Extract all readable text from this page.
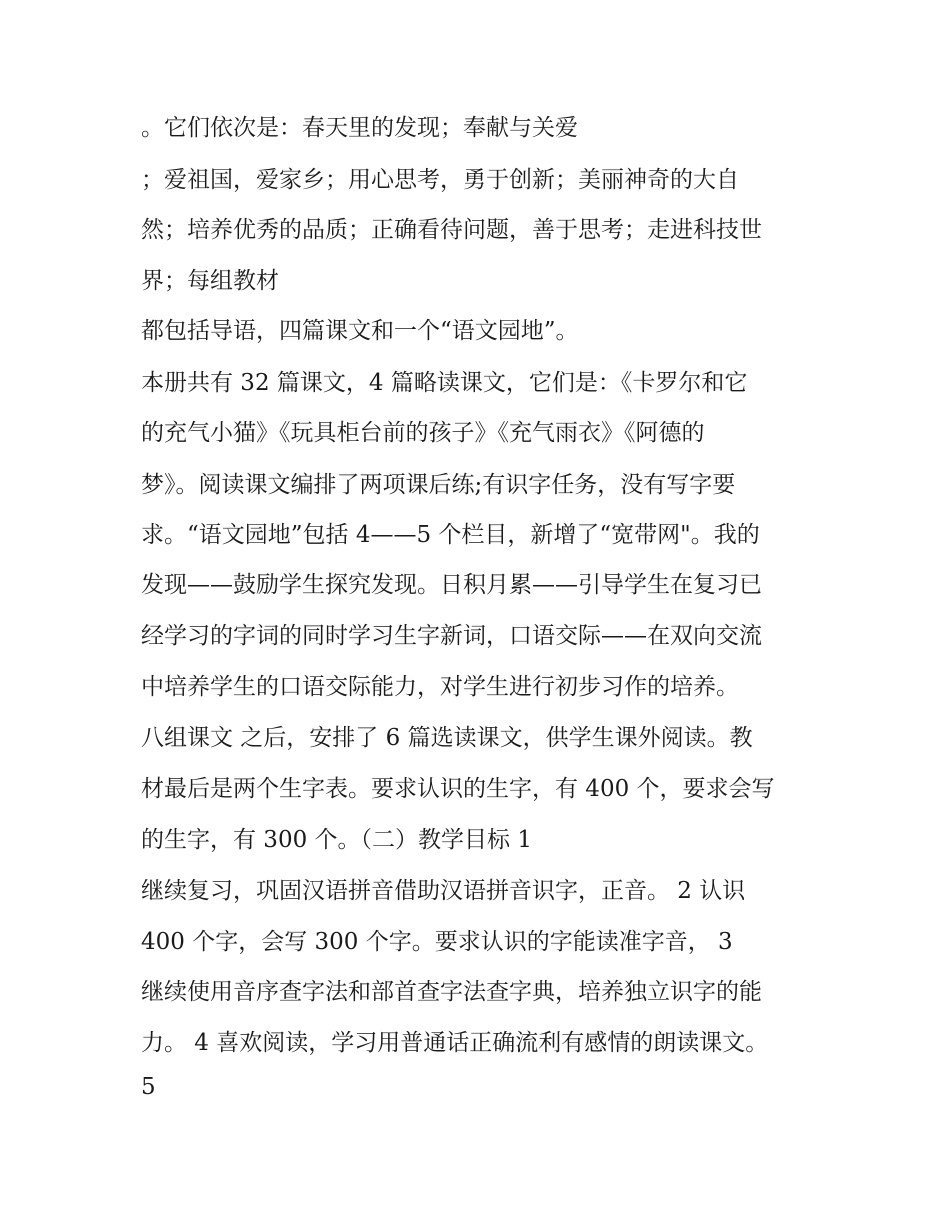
。它们依次是：春天里的发现；奉献与关爱
；爱祖国，爱家乡；用心思考，勇于创新；美丽神奇的大自
然；培养优秀的品质；正确看待问题，善于思考；走进科技世
界；每组教材
都包括导语，四篇课文和一个“语文园地”。
本册共有 32 篇课文，4 篇略读课文，它们是：《卡罗尔和它
的充气小猫》《玩具柜台前的孩子》《充气雨衣》《阿德的
梦》。阅读课文编排了两项课后练;有识字任务，没有写字要
求。“语文园地”包括 4——5 个栏目，新增了“宽带网"。我的
发现——鼓励学生探究发现。日积月累——引导学生在复习已
经学习的字词的同时学习生字新词，口语交际——在双向交流
中培养学生的口语交际能力，对学生进行初步习作的培养。
八组课文 之后，安排了 6 篇选读课文，供学生课外阅读。教
材最后是两个生字表。要求认识的生字，有 400 个，要求会写
的生字，有 300 个。（二）教学目标 1
继续复习，巩固汉语拼音借助汉语拼音识字，正音。 2 认识
400 个字，会写 300 个字。要求认识的字能读准字音， 3
继续使用音序查字法和部首查字法查字典，培养独立识字的能
力。 4 喜欢阅读，学习用普通话正确流利有感情的朗读课文。
5
